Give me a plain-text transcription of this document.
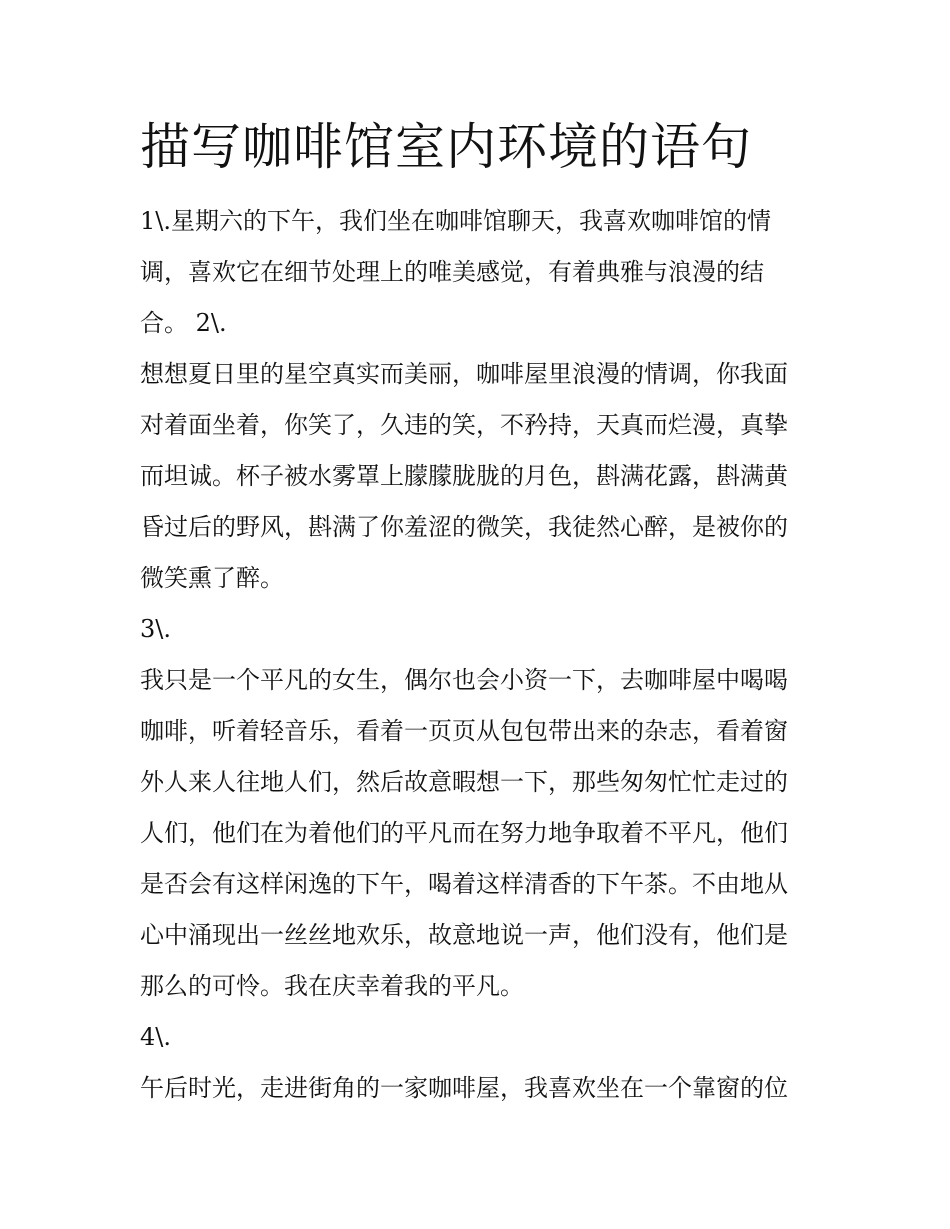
描写咖啡馆室内环境的语句

1\.星期六的下午，我们坐在咖啡馆聊天，我喜欢咖啡馆的情

调，喜欢它在细节处理上的唯美感觉，有着典雅与浪漫的结

合。 2\.

想想夏日里的星空真实而美丽，咖啡屋里浪漫的情调，你我面

对着面坐着，你笑了，久违的笑，不矜持，天真而烂漫，真挚

而坦诚。杯子被水雾罩上朦朦胧胧的月色，斟满花露，斟满黄

昏过后的野风，斟满了你羞涩的微笑，我徒然心醉，是被你的

微笑熏了醉。

3\.

我只是一个平凡的女生，偶尔也会小资一下，去咖啡屋中喝喝

咖啡，听着轻音乐，看着一页页从包包带出来的杂志，看着窗

外人来人往地人们，然后故意暇想一下，那些匆匆忙忙走过的

人们，他们在为着他们的平凡而在努力地争取着不平凡，他们

是否会有这样闲逸的下午，喝着这样清香的下午茶。不由地从

心中涌现出一丝丝地欢乐，故意地说一声，他们没有，他们是

那么的可怜。我在庆幸着我的平凡。

4\.

午后时光，走进街角的一家咖啡屋，我喜欢坐在一个靠窗的位
